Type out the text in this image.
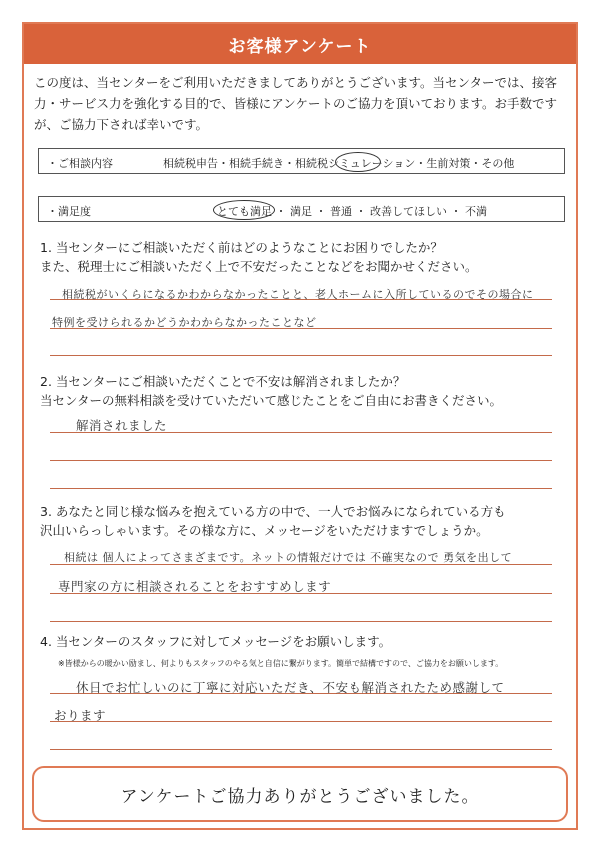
お客様アンケート
この度は、当センターをご利用いただきましてありがとうございます。当センターでは、接客力・サービス力を強化する目的で、皆様にアンケートのご協力を頂いております。お手数ですが、ご協力下されば幸いです。
・ご相談内容	相続税申告・相続手続き・相続税シミュレーション・生前対策・その他
・満足度	とても満足 ・ 満足 ・ 普通 ・ 改善してほしい ・ 不満
1. 当センターにご相談いただく前はどのようなことにお困りでしたか？
また、税理士にご相談いただく上で不安だったことなどをお聞かせください。
相続税がいくらになるかわからなかったことと、老人ホームに入所しているのでその場合に
特例を受けられるかどうかわからなかったことなど
2. 当センターにご相談いただくことで不安は解消されましたか？
当センターの無料相談を受けていただいて感じたことをご自由にお書きください。
解消されました
3. あなたと同じ様な悩みを抱えている方の中で、一人でお悩みになられている方も
沢山いらっしゃいます。その様な方に、メッセージをいただけますでしょうか。
相続は 個人によってさまざまです。ネットの情報だけでは 不確実なので 勇気を出して
専門家の方に相談されることをおすすめします
4. 当センターのスタッフに対してメッセージをお願いします。
※皆様からの暖かい励まし、何よりもスタッフのやる気と自信に繋がります。簡単で結構ですので、ご協力をお願いします。
休日でお忙しいのに丁寧に対応いただき、不安も解消されたため感謝して
おります
アンケートご協力ありがとうございました。
